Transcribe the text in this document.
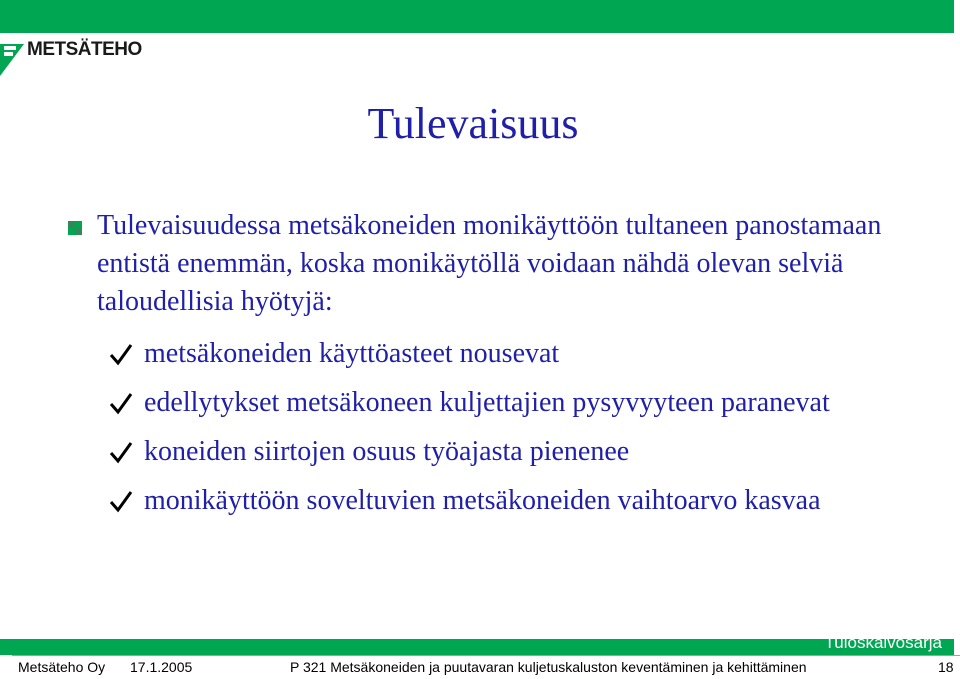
METSÄTEHO
Tulevaisuus
Tulevaisuudessa metsäkoneiden monikäyttöön tultaneen panostamaan entistä enemmän, koska monikäytöllä voidaan nähdä olevan selviä taloudellisia hyötyjä:
metsäkoneiden käyttöasteet nousevat
edellytykset metsäkoneen kuljettajien pysyvyyteen paranevat
koneiden siirtojen osuus työajasta pienenee
monikäyttöön soveltuvien metsäkoneiden vaihtoarvo kasvaa
Tuloskalvosarja
Metsäteho Oy 17.1.2005	P 321 Metsäkoneiden ja puutavaran kuljetuskaluston keventäminen ja kehittäminen	18
